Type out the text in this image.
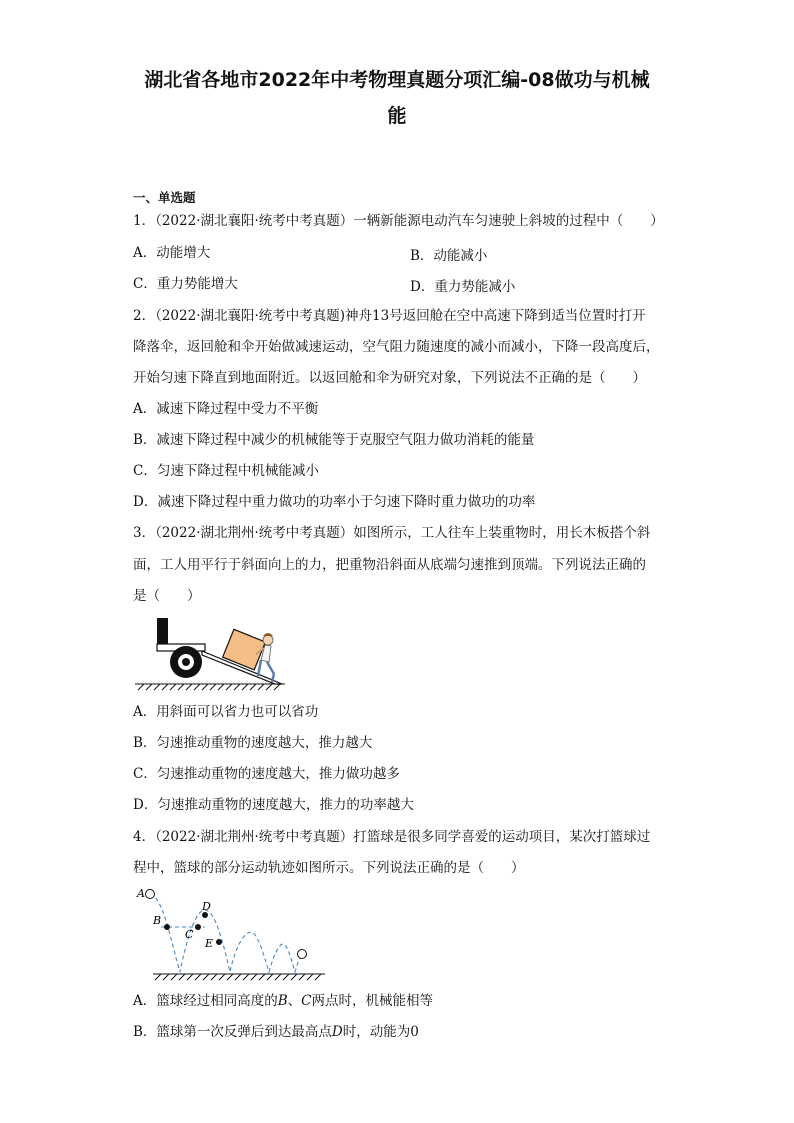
湖北省各地市2022年中考物理真题分项汇编-08做功与机械
能
一、单选题
1．（2022·湖北襄阳·统考中考真题）一辆新能源电动汽车匀速驶上斜坡的过程中（　　）
A．动能增大	B．动能减小
C．重力势能增大	D．重力势能减小
2．（2022·湖北襄阳·统考中考真题)神舟13号返回舱在空中高速下降到适当位置时打开
降落伞，返回舱和伞开始做减速运动，空气阻力随速度的减小而减小，下降一段高度后，
开始匀速下降直到地面附近。以返回舱和伞为研究对象，下列说法不正确的是（　　）
A．减速下降过程中受力不平衡
B．减速下降过程中减少的机械能等于克服空气阻力做功消耗的能量
C．匀速下降过程中机械能减小
D．减速下降过程中重力做功的功率小于匀速下降时重力做功的功率
3．（2022·湖北荆州·统考中考真题）如图所示，工人往车上装重物时，用长木板搭个斜
面，工人用平行于斜面向上的力，把重物沿斜面从底端匀速推到顶端。下列说法正确的
是（　　）
A．用斜面可以省力也可以省功
B．匀速推动重物的速度越大，推力越大
C．匀速推动重物的速度越大，推力做功越多
D．匀速推动重物的速度越大，推力的功率越大
4．（2022·湖北荆州·统考中考真题）打篮球是很多同学喜爱的运动项目，某次打篮球过
程中，篮球的部分运动轨迹如图所示。下列说法正确的是（　　）
A
B
C
D
E
A．篮球经过相同高度的B、C两点时，机械能相等
B．篮球第一次反弹后到达最高点D时，动能为0
